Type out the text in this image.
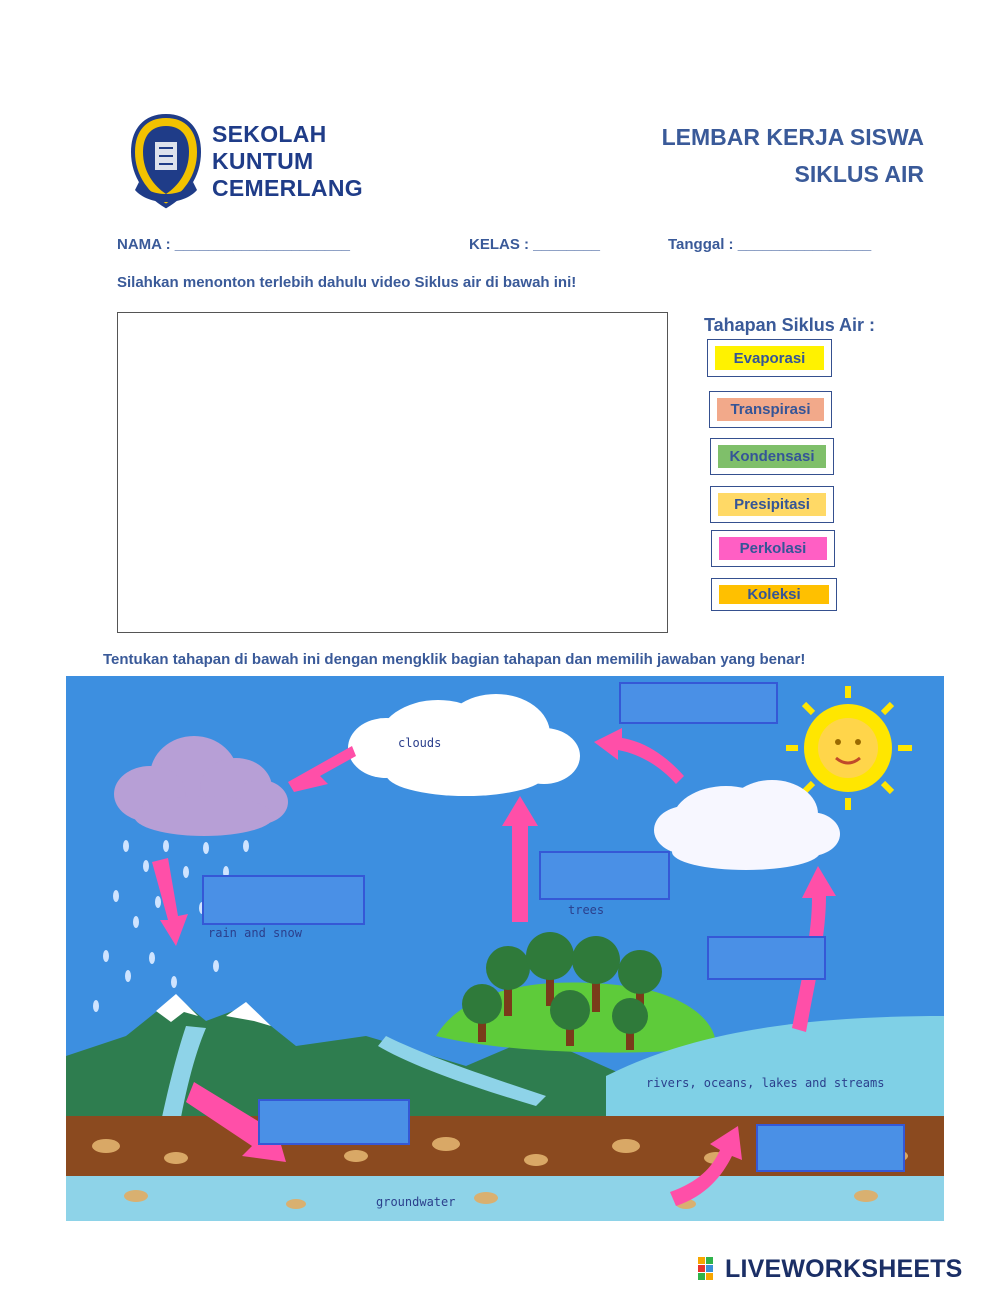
SEKOLAH
KUNTUM
CEMERLANG
LEMBAR KERJA SISWA
SIKLUS AIR
NAMA : _____________________	KELAS : ________	Tanggal : ________________
Silahkan menonton terlebih dahulu video Siklus air di bawah ini!
Tahapan Siklus Air :
Evaporasi
Transpirasi
Kondensasi
Presipitasi
Perkolasi
Koleksi
Tentukan tahapan di bawah ini dengan mengklik bagian tahapan dan memilih jawaban yang benar!
clouds
rain and snow
trees
rivers, oceans, lakes and streams
groundwater
LIVEWORKSHEETS
